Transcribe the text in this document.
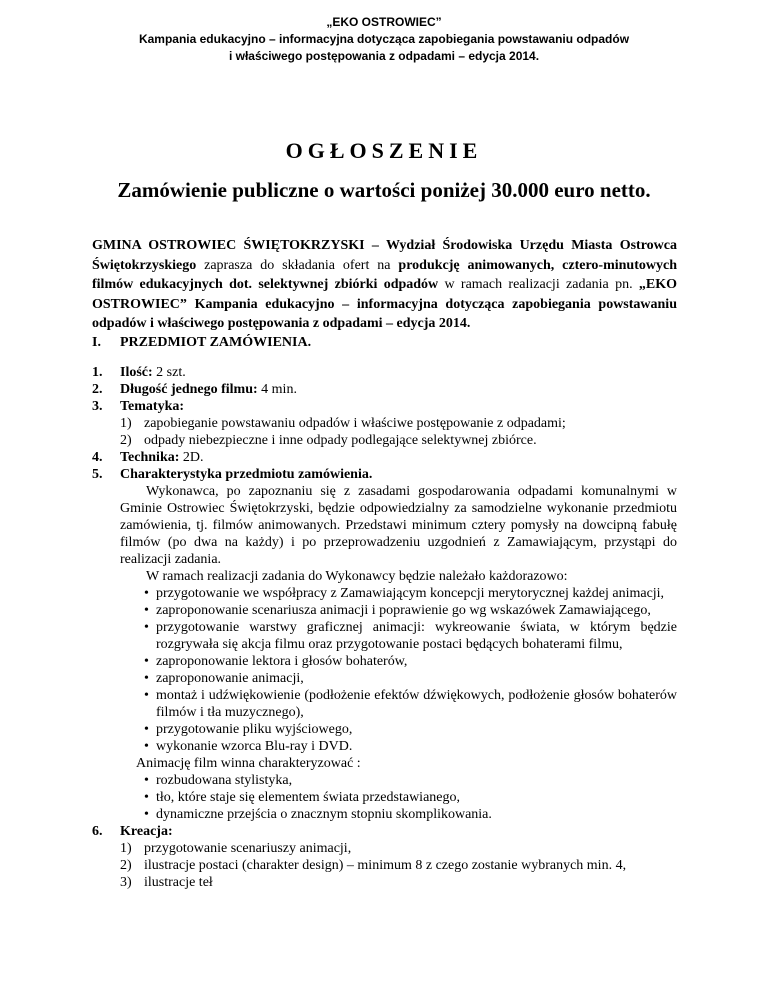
„EKO OSTROWIEC”
Kampania edukacyjno – informacyjna dotycząca zapobiegania powstawaniu odpadów
i właściwego postępowania z odpadami – edycja 2014.
OGŁOSZENIE
Zamówienie publiczne o wartości poniżej 30.000 euro netto.
GMINA OSTROWIEC ŚWIĘTOKRZYSKI – Wydział Środowiska Urzędu Miasta Ostrowca Świętokrzyskiego zaprasza do składania ofert na produkcję animowanych, cztero-minutowych filmów edukacyjnych dot. selektywnej zbiórki odpadów w ramach realizacji zadania pn. „EKO OSTROWIEC” Kampania edukacyjno – informacyjna dotycząca zapobiegania powstawaniu odpadów i właściwego postępowania z odpadami – edycja 2014.
I. PRZEDMIOT ZAMÓWIENIA.
1.	Ilość: 2 szt.
2.	Długość jednego filmu: 4 min.
3.	Tematyka:
1) zapobieganie powstawaniu odpadów i właściwe postępowanie z odpadami;
2) odpady niebezpieczne i inne odpady podlegające selektywnej zbiórce.
4.	Technika: 2D.
5.	Charakterystyka przedmiotu zamówienia.
Wykonawca, po zapoznaniu się z zasadami gospodarowania odpadami komunalnymi w Gminie Ostrowiec Świętokrzyski, będzie odpowiedzialny za samodzielne wykonanie przedmiotu zamówienia, tj. filmów animowanych. Przedstawi minimum cztery pomysły na dowcipną fabułę filmów (po dwa na każdy) i po przeprowadzeniu uzgodnień z Zamawiającym, przystąpi do realizacji zadania.
W ramach realizacji zadania do Wykonawcy będzie należało każdorazowo:
• przygotowanie we współpracy z Zamawiającym koncepcji merytorycznej każdej animacji,
• zaproponowanie scenariusza animacji i poprawienie go wg wskazówek Zamawiającego,
• przygotowanie warstwy graficznej animacji: wykreowanie świata, w którym będzie rozgrywała się akcja filmu oraz przygotowanie postaci będących bohaterami filmu,
• zaproponowanie lektora i głosów bohaterów,
• zaproponowanie animacji,
• montaż i udźwiękowienie (podłożenie efektów dźwiękowych, podłożenie głosów bohaterów filmów i tła muzycznego),
• przygotowanie pliku wyjściowego,
• wykonanie wzorca Blu-ray i DVD.
Animację film winna charakteryzować :
• rozbudowana stylistyka,
• tło, które staje się elementem świata przedstawianego,
• dynamiczne przejścia o znacznym stopniu skomplikowania.
6.	Kreacja:
1) przygotowanie scenariuszy animacji,
2) ilustracje postaci (charakter design) – minimum 8 z czego zostanie wybranych min. 4,
3) ilustracje teł
